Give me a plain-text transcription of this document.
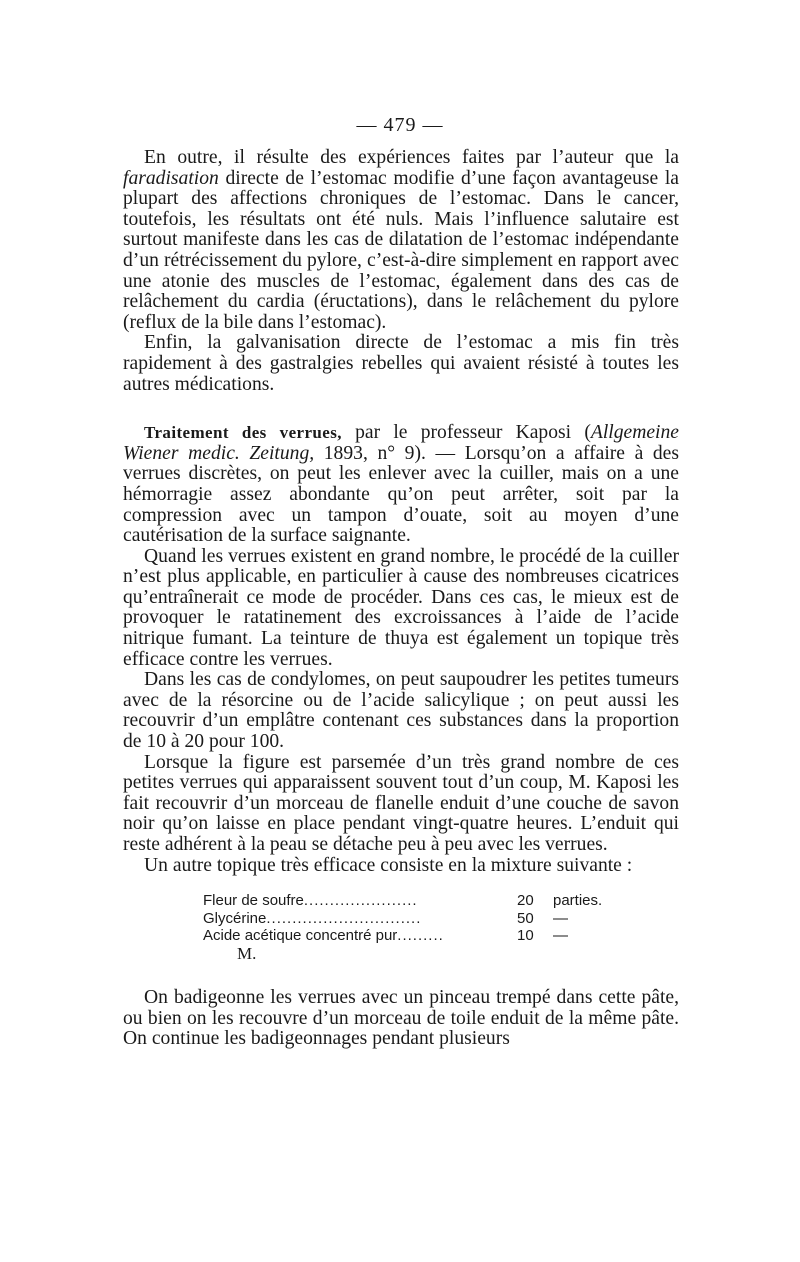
— 479 —

En outre, il résulte des expériences faites par l’auteur que la faradisation directe de l’estomac modifie d’une façon avantageuse la plupart des affections chroniques de l’estomac. Dans le cancer, toutefois, les résultats ont été nuls. Mais l’influence salutaire est surtout manifeste dans les cas de dilatation de l’estomac indépendante d’un rétrécissement du pylore, c’est-à-dire simplement en rapport avec une atonie des muscles de l’estomac, également dans des cas de relâchement du cardia (éructations), dans le relâchement du pylore (reflux de la bile dans l’estomac).

Enfin, la galvanisation directe de l’estomac a mis fin très rapidement à des gastralgies rebelles qui avaient résisté à toutes les autres médications.

Traitement des verrues, par le professeur Kaposi (Allgemeine Wiener medic. Zeitung, 1893, n° 9). — Lorsqu’on a affaire à des verrues discrètes, on peut les enlever avec la cuiller, mais on a une hémorragie assez abondante qu’on peut arrêter, soit par la compression avec un tampon d’ouate, soit au moyen d’une cautérisation de la surface saignante.

Quand les verrues existent en grand nombre, le procédé de la cuiller n’est plus applicable, en particulier à cause des nombreuses cicatrices qu’entraînerait ce mode de procéder. Dans ces cas, le mieux est de provoquer le ratatinement des excroissances à l’aide de l’acide nitrique fumant. La teinture de thuya est également un topique très efficace contre les verrues.

Dans les cas de condylomes, on peut saupoudrer les petites tumeurs avec de la résorcine ou de l’acide salicylique ; on peut aussi les recouvrir d’un emplâtre contenant ces substances dans la proportion de 10 à 20 pour 100.

Lorsque la figure est parsemée d’un très grand nombre de ces petites verrues qui apparaissent souvent tout d’un coup, M. Kaposi les fait recouvrir d’un morceau de flanelle enduit d’une couche de savon noir qu’on laisse en place pendant vingt-quatre heures. L’enduit qui reste adhérent à la peau se détache peu à peu avec les verrues.

Un autre topique très efficace consiste en la mixture suivante :

Fleur de soufre......................	20	parties.
Glycérine..............................	50	—
Acide acétique concentré pur.........	10	—
M.

On badigeonne les verrues avec un pinceau trempé dans cette pâte, ou bien on les recouvre d’un morceau de toile enduit de la même pâte. On continue les badigeonnages pendant plusieurs
